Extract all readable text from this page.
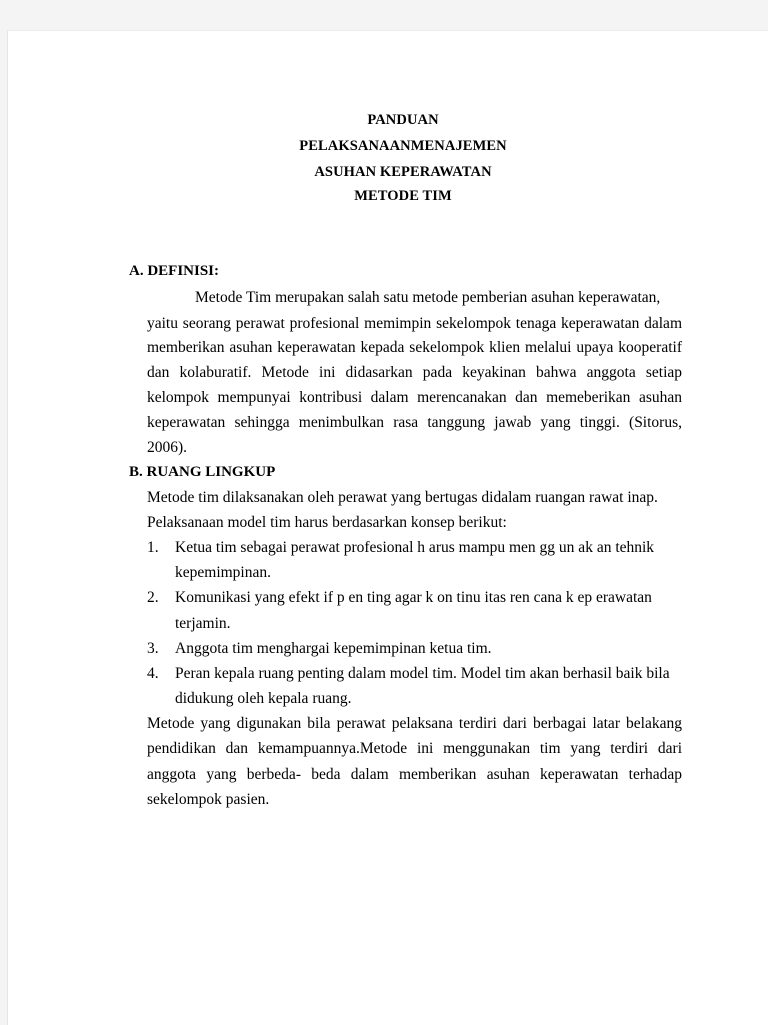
PANDUAN
PELAKSANAANMENAJEMEN
ASUHAN KEPERAWATAN
METODE TIM
A. DEFINISI:
Metode Tim merupakan salah satu metode pemberian asuhan keperawatan,
yaitu seorang perawat profesional memimpin sekelompok tenaga keperawatan dalam
memberikan asuhan keperawatan kepada sekelompok klien melalui upaya kooperatif
dan kolaburatif. Metode ini didasarkan pada keyakinan bahwa anggota setiap
kelompok mempunyai kontribusi dalam merencanakan dan memeberikan asuhan
keperawatan sehingga menimbulkan rasa tanggung jawab yang tinggi. (Sitorus,
2006).
B. RUANG LINGKUP
Metode tim dilaksanakan oleh perawat yang bertugas didalam ruangan rawat inap.
Pelaksanaan model tim harus berdasarkan konsep berikut:
1. Ketua tim sebagai perawat profesional h arus mampu men gg un ak an tehnik
kepemimpinan.
2. Komunikasi yang efekt if p en ting agar k on tinu itas ren cana k ep erawatan
terjamin.
3. Anggota tim menghargai kepemimpinan ketua tim.
4. Peran kepala ruang penting dalam model tim. Model tim akan berhasil baik bila
didukung oleh kepala ruang.
Metode yang digunakan bila perawat pelaksana terdiri dari berbagai latar belakang
pendidikan dan kemampuannya.Metode ini menggunakan tim yang terdiri dari
anggota yang berbeda- beda dalam memberikan asuhan keperawatan terhadap
sekelompok pasien.
